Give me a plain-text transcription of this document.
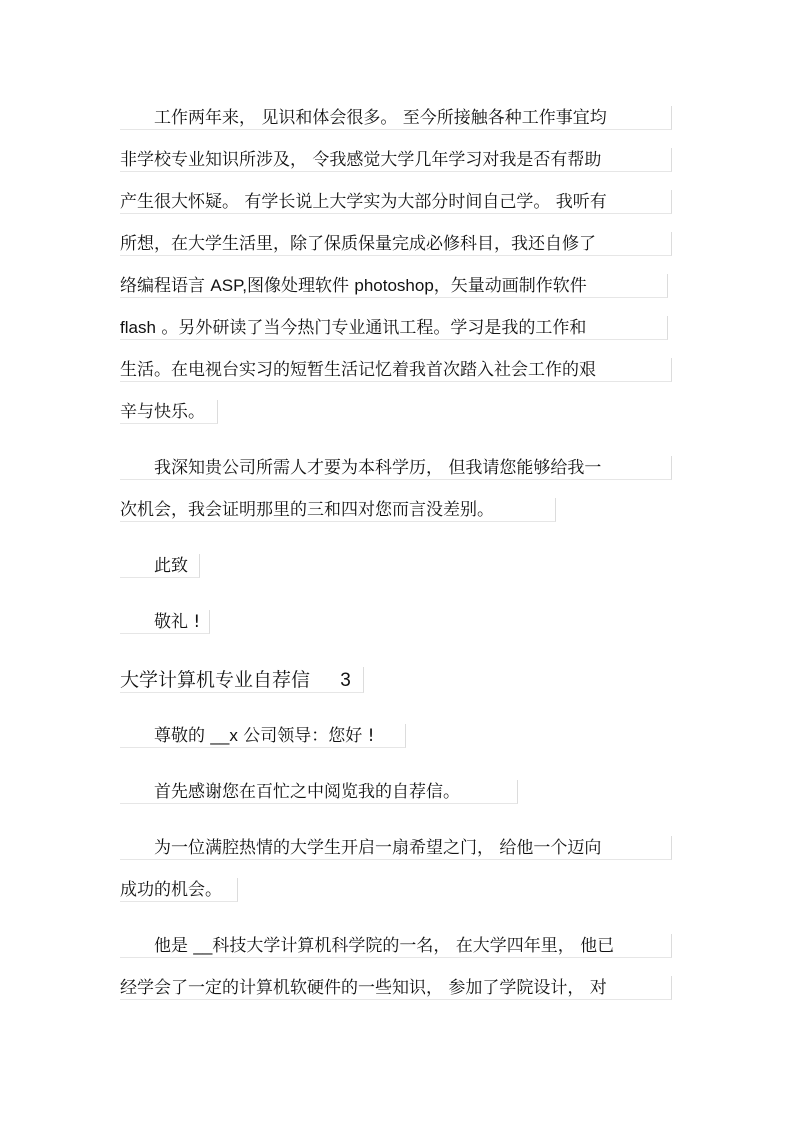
　　工作两年来， 见识和体会很多。 至今所接触各种工作事宜均
非学校专业知识所涉及， 令我感觉大学几年学习对我是否有帮助
产生很大怀疑。 有学长说上大学实为大部分时间自己学。 我听有
所想，在大学生活里，除了保质保量完成必修科目，我还自修了
络编程语言 ASP,图像处理软件 photoshop，矢量动画制作软件
flash 。另外研读了当今热门专业通讯工程。学习是我的工作和
生活。在电视台实习的短暂生活记忆着我首次踏入社会工作的艰
辛与快乐。
　　我深知贵公司所需人才要为本科学历， 但我请您能够给我一
次机会，我会证明那里的三和四对您而言没差别。
　　此致
　　敬礼 !
大学计算机专业自荐信 3
　　尊敬的 __x 公司领导：您好 !
　　首先感谢您在百忙之中阅览我的自荐信。
　　为一位满腔热情的大学生开启一扇希望之门， 给他一个迈向
成功的机会。
　　他是 __科技大学计算机科学院的一名， 在大学四年里， 他已
经学会了一定的计算机软硬件的一些知识， 参加了学院设计， 对
